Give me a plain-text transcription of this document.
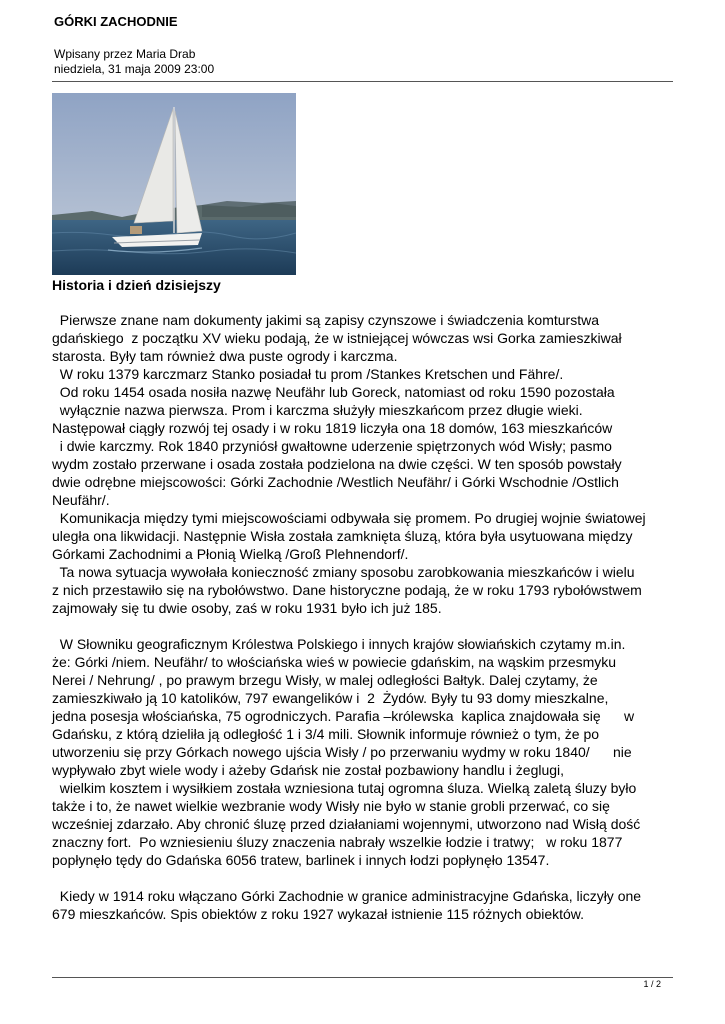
GÓRKI ZACHODNIE
Wpisany przez Maria Drab
niedziela, 31 maja 2009 23:00
Historia i dzień dzisiejszy
Pierwsze znane nam dokumenty jakimi są zapisy czynszowe i świadczenia komturstwa
gdańskiego  z początku XV wieku podają, że w istniejącej wówczas wsi Gorka zamieszkiwał
starosta. Były tam również dwa puste ogrody i karczma.
W roku 1379 karczmarz Stanko posiadał tu prom /Stankes Kretschen und Fähre/.
Od roku 1454 osada nosiła nazwę Neufähr lub Goreck, natomiast od roku 1590 pozostała
wyłącznie nazwa pierwsza. Prom i karczma służyły mieszkańcom przez długie wieki.
Następował ciągły rozwój tej osady i w roku 1819 liczyła ona 18 domów, 163 mieszkańców
i dwie karczmy. Rok 1840 przyniósł gwałtowne uderzenie spiętrzonych wód Wisły; pasmo
wydm zostało przerwane i osada została podzielona na dwie części. W ten sposób powstały
dwie odrębne miejscowości: Górki Zachodnie /Westlich Neufähr/ i Górki Wschodnie /Ostlich
Neufähr/.
Komunikacja między tymi miejscowościami odbywała się promem. Po drugiej wojnie światowej
uległa ona likwidacji. Następnie Wisła została zamknięta śluzą, która była usytuowana między
Górkami Zachodnimi a Płonią Wielką /Groß Plehnendorf/.
Ta nowa sytuacja wywołała konieczność zmiany sposobu zarobkowania mieszkańców i wielu
z nich przestawiło się na rybołówstwo. Dane historyczne podają, że w roku 1793 rybołówstwem
zajmowały się tu dwie osoby, zaś w roku 1931 było ich już 185.
W Słowniku geograficznym Królestwa Polskiego i innych krajów słowiańskich czytamy m.in.
że: Górki /niem. Neufähr/ to włościańska wieś w powiecie gdańskim, na wąskim przesmyku
Nerei / Nehrung/ , po prawym brzegu Wisły, w malej odległości Bałtyk. Dalej czytamy, że
zamieszkiwało ją 10 katolików, 797 ewangelików i  2  Żydów. Były tu 93 domy mieszkalne,
jedna posesja włościańska, 75 ogrodniczych. Parafia –królewska  kaplica znajdowała się      w
Gdańsku, z którą dzieliła ją odległość 1 i 3/4 mili. Słownik informuje również o tym, że po
utworzeniu się przy Górkach nowego ujścia Wisły / po przerwaniu wydmy w roku 1840/      nie
wypływało zbyt wiele wody i ażeby Gdańsk nie został pozbawiony handlu i żeglugi,
wielkim kosztem i wysiłkiem została wzniesiona tutaj ogromna śluza. Wielką zaletą śluzy było
także i to, że nawet wielkie wezbranie wody Wisły nie było w stanie grobli przerwać, co się
wcześniej zdarzało. Aby chronić śluzę przed działaniami wojennymi, utworzono nad Wisłą dość
znaczny fort.  Po wzniesieniu śluzy znaczenia nabrały wszelkie łodzie i tratwy;   w roku 1877
popłynęło tędy do Gdańska 6056 tratew, barlinek i innych łodzi popłynęło 13547.
Kiedy w 1914 roku włączano Górki Zachodnie w granice administracyjne Gdańska, liczyły one
679 mieszkańców. Spis obiektów z roku 1927 wykazał istnienie 115 różnych obiektów.
1 / 2
